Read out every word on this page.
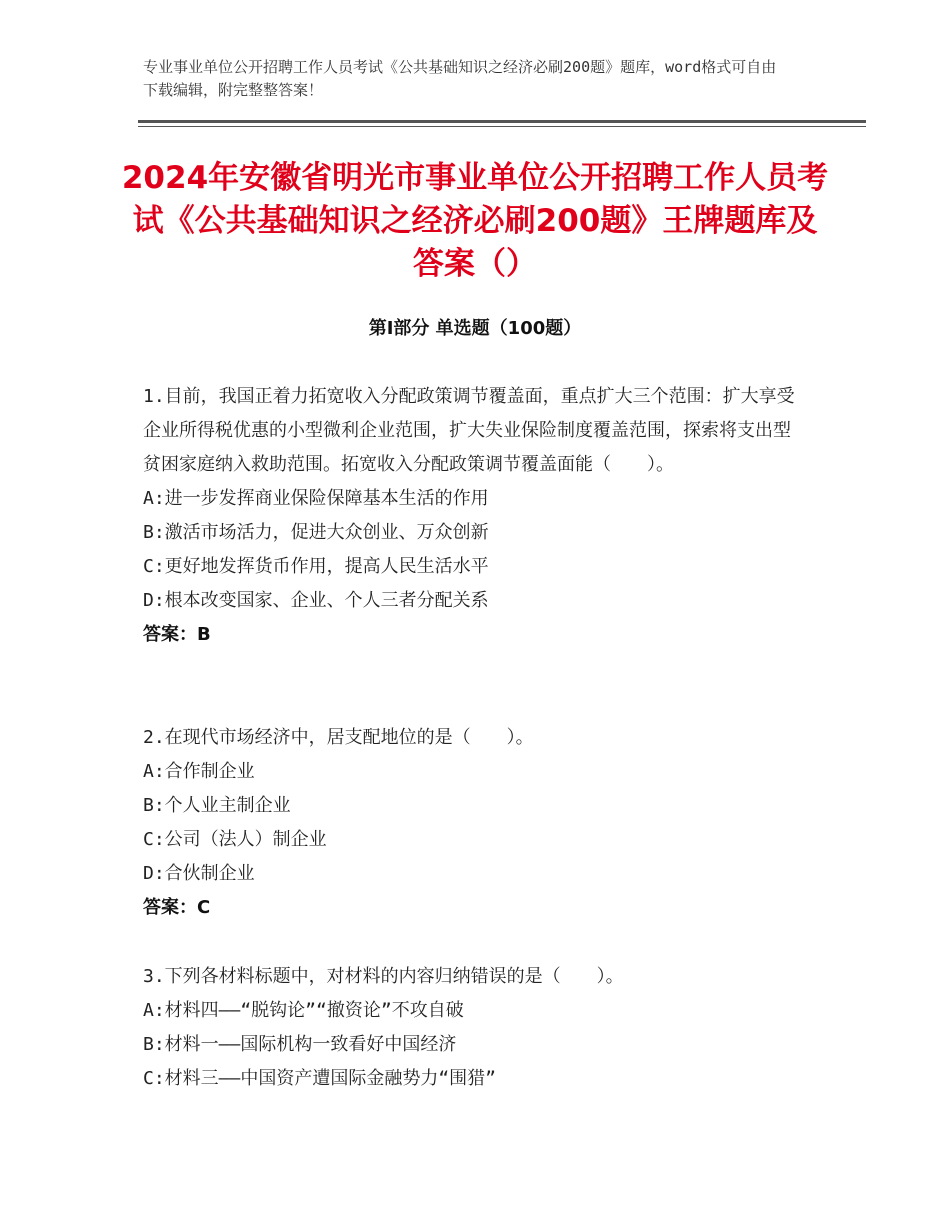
专业事业单位公开招聘工作人员考试《公共基础知识之经济必刷200题》题库，word格式可自由下载编辑，附完整整答案！
2024年安徽省明光市事业单位公开招聘工作人员考试《公共基础知识之经济必刷200题》王牌题库及答案（）
第Ⅰ部分 单选题（100题）
1.目前，我国正着力拓宽收入分配政策调节覆盖面，重点扩大三个范围：扩大享受企业所得税优惠的小型微利企业范围，扩大失业保险制度覆盖范围，探索将支出型贫困家庭纳入救助范围。拓宽收入分配政策调节覆盖面能（　　）。
A:进一步发挥商业保险保障基本生活的作用
B:激活市场活力，促进大众创业、万众创新
C:更好地发挥货币作用，提高人民生活水平
D:根本改变国家、企业、个人三者分配关系
答案：B
2.在现代市场经济中，居支配地位的是（　　）。
A:合作制企业
B:个人业主制企业
C:公司（法人）制企业
D:合伙制企业
答案：C
3.下列各材料标题中，对材料的内容归纳错误的是（　　）。
A:材料四——“脱钩论”“撤资论”不攻自破
B:材料一——国际机构一致看好中国经济
C:材料三——中国资产遭国际金融势力“围猎”
